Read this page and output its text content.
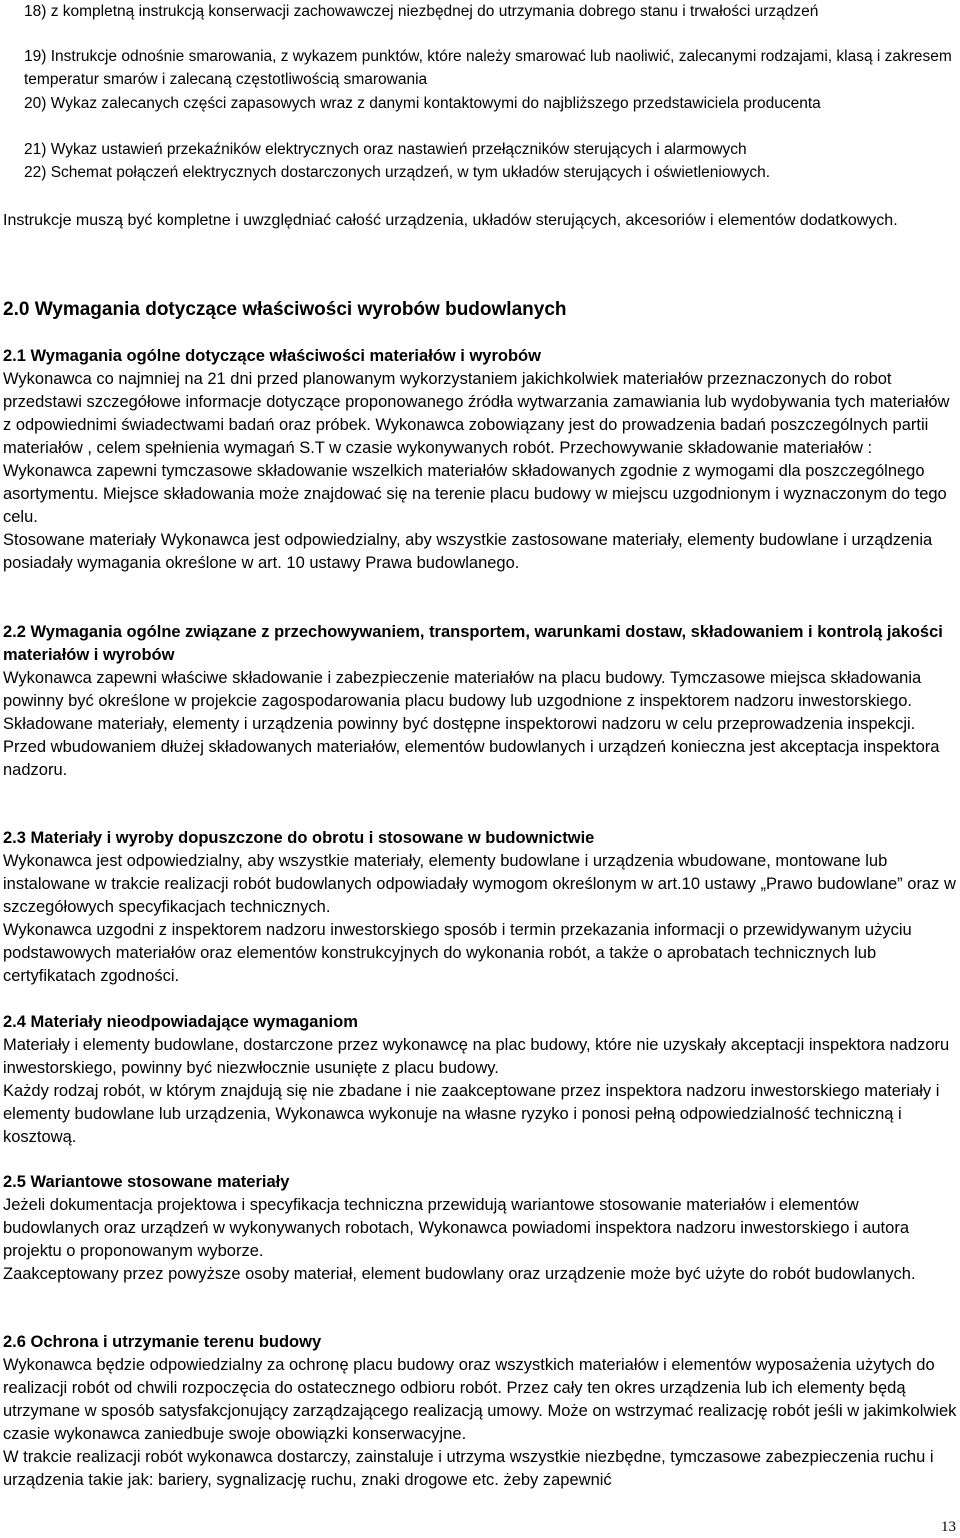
18) z kompletną instrukcją konserwacji zachowawczej niezbędnej do utrzymania dobrego stanu i trwałości urządzeń
19) Instrukcje odnośnie smarowania, z wykazem punktów, które należy smarować lub naoliwić, zalecanymi rodzajami, klasą i zakresem temperatur smarów i zalecaną częstotliwością smarowania
20) Wykaz zalecanych części zapasowych wraz z danymi kontaktowymi do najbliższego przedstawiciela producenta
21) Wykaz ustawień przekaźników elektrycznych oraz nastawień przełączników sterujących i alarmowych
22) Schemat połączeń elektrycznych dostarczonych urządzeń, w tym układów sterujących i oświetleniowych.
Instrukcje muszą być kompletne i uwzględniać całość urządzenia, układów sterujących, akcesoriów i elementów dodatkowych.
2.0 Wymagania dotyczące właściwości wyrobów budowlanych

2.1 Wymagania ogólne dotyczące właściwości materiałów i wyrobów

Wykonawca co najmniej na 21 dni przed planowanym wykorzystaniem jakichkolwiek materiałów przeznaczonych do robot przedstawi szczegółowe informacje dotyczące proponowanego źródła wytwarzania zamawiania lub wydobywania tych materiałów z odpowiednimi świadectwami badań oraz próbek. Wykonawca zobowiązany jest do prowadzenia badań poszczególnych partii materiałów , celem spełnienia wymagań S.T w czasie wykonywanych robót. Przechowywanie składowanie materiałów : Wykonawca zapewni tymczasowe składowanie wszelkich materiałów składowanych zgodnie z wymogami dla poszczególnego asortymentu. Miejsce składowania może znajdować się na terenie placu budowy w miejscu uzgodnionym i wyznaczonym do tego celu.

Stosowane materiały Wykonawca jest odpowiedzialny, aby wszystkie zastosowane materiały, elementy budowlane i urządzenia posiadały wymagania określone w art. 10 ustawy Prawa budowlanego.

2.2 Wymagania ogólne związane z przechowywaniem, transportem, warunkami dostaw, składowaniem i kontrolą jakości materiałów i wyrobów

Wykonawca zapewni właściwe składowanie i zabezpieczenie materiałów na placu budowy. Tymczasowe miejsca składowania powinny być określone w projekcie zagospodarowania placu budowy lub uzgodnione z inspektorem nadzoru inwestorskiego. Składowane materiały, elementy i urządzenia powinny być dostępne inspektorowi nadzoru w celu przeprowadzenia inspekcji.

Przed wbudowaniem dłużej składowanych materiałów, elementów budowlanych i urządzeń konieczna jest akceptacja inspektora nadzoru.

2.3 Materiały i wyroby dopuszczone do obrotu i stosowane w budownictwie

Wykonawca jest odpowiedzialny, aby wszystkie materiały, elementy budowlane i urządzenia wbudowane, montowane lub instalowane w trakcie realizacji robót budowlanych odpowiadały wymogom określonym w art.10 ustawy „Prawo budowlane” oraz w szczegółowych specyfikacjach technicznych.

Wykonawca uzgodni z inspektorem nadzoru inwestorskiego sposób i termin przekazania informacji o przewidywanym użyciu podstawowych materiałów oraz elementów konstrukcyjnych do wykonania robót, a także o aprobatach technicznych lub certyfikatach zgodności.

2.4 Materiały nieodpowiadające wymaganiom

Materiały i elementy budowlane, dostarczone przez wykonawcę na plac budowy, które nie uzyskały akceptacji inspektora nadzoru inwestorskiego, powinny być niezwłocznie usunięte z placu budowy.

Każdy rodzaj robót, w którym znajdują się nie zbadane i nie zaakceptowane przez inspektora nadzoru inwestorskiego materiały i elementy budowlane lub urządzenia, Wykonawca wykonuje na własne ryzyko i ponosi pełną odpowiedzialność techniczną i kosztową.

2.5 Wariantowe stosowane materiały

Jeżeli dokumentacja projektowa i specyfikacja techniczna przewidują wariantowe stosowanie materiałów i elementów budowlanych oraz urządzeń w wykonywanych robotach, Wykonawca powiadomi inspektora nadzoru inwestorskiego i autora projektu o proponowanym wyborze.

Zaakceptowany przez powyższe osoby materiał, element budowlany oraz urządzenie może być użyte do robót budowlanych.

2.6 Ochrona i utrzymanie terenu budowy

Wykonawca będzie odpowiedzialny za ochronę placu budowy oraz wszystkich materiałów i elementów wyposażenia użytych do realizacji robót od chwili rozpoczęcia do ostatecznego odbioru robót. Przez cały ten okres urządzenia lub ich elementy będą utrzymane w sposób satysfakcjonujący zarządzającego realizacją umowy. Może on wstrzymać realizację robót jeśli w jakimkolwiek czasie wykonawca zaniedbuje swoje obowiązki konserwacyjne.

W trakcie realizacji robót wykonawca dostarczy, zainstaluje i utrzyma wszystkie niezbędne, tymczasowe zabezpieczenia ruchu i urządzenia takie jak: bariery, sygnalizację ruchu, znaki drogowe etc. żeby zapewnić

13
